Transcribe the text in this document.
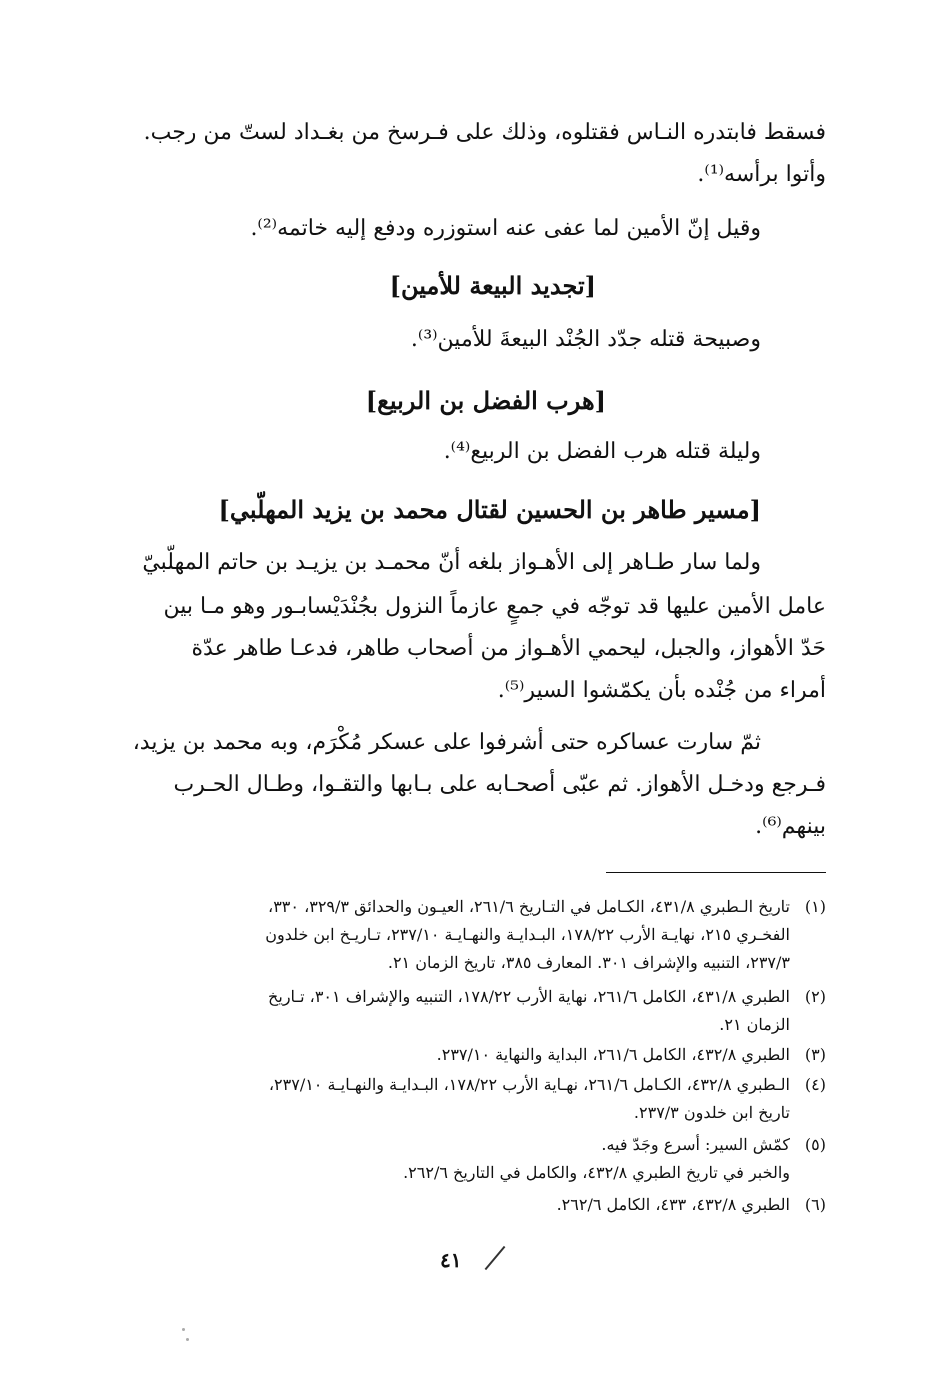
فسقط فابتدره النـاس فقتلوه، وذلك على فـرسخ من بغـداد لستّ من رجب.
وأتوا برأسه⁽¹⁾.
وقيل إنّ الأمين لما عفى عنه استوزره ودفع إليه خاتمه⁽²⁾.
[تجديد البيعة للأمين]
وصبيحة قتله جدّد الجُنْد البيعةَ للأمين⁽³⁾.
[هرب الفضل بن الربيع]
وليلة قتله هرب الفضل بن الربيع⁽⁴⁾.
[مسير طاهر بن الحسين لقتال محمد بن يزيد المهلّبي]
ولما سار طـاهر إلى الأهـواز بلغه أنّ محمـد بن يزيـد بن حاتم المهلّبيّ
عامل الأمين عليها قد توجّه في جمعٍ عازماً النزول بجُنْدَيْسابـور وهو مـا بين
حَدّ الأهواز، والجبل، ليحمي الأهـواز من أصحاب طاهر، فدعـا طاهر عدّة
أمراء من جُنْده بأن يكمّشوا السير⁽⁵⁾.
ثمّ سارت عساكره حتى أشرفوا على عسكر مُكْرَم، وبه محمد بن يزيد،
فـرجع ودخـل الأهواز. ثم عبّى أصحـابه على بـابها والتقـوا، وطـال الحـرب
بينهم⁽⁶⁾.
(١)تاريخ الـطبري ٤٣١/٨، الكـامل في التـاريخ ٢٦١/٦، العيـون والحدائق ٣٢٩/٣، ٣٣٠،
الفخـري ٢١٥، نهايـة الأرب ١٧٨/٢٢، البـدايـة والنهـايـة ٢٣٧/١٠، تـاريـخ ابن خلدون
٢٣٧/٣، التنبيه والإشراف ٣٠١. المعارف ٣٨٥، تاريخ الزمان ٢١.
(٢)الطبري ٤٣١/٨، الكامل ٢٦١/٦، نهاية الأرب ١٧٨/٢٢، التنبيه والإشراف ٣٠١، تـاريخ
الزمان ٢١.
(٣)الطبري ٤٣٢/٨، الكامل ٢٦١/٦، البداية والنهاية ٢٣٧/١٠.
(٤)الـطبري ٤٣٢/٨، الكـامل ٢٦١/٦، نهـاية الأرب ١٧٨/٢٢، البـدايـة والنهـايـة ٢٣٧/١٠،
تاريخ ابن خلدون ٢٣٧/٣.
(٥)كمّش السير: أسرع وجَدّ فيه.
والخبر في تاريخ الطبري ٤٣٢/٨، والكامل في التاريخ ٢٦٢/٦.
(٦)الطبري ٤٣٢/٨، ٤٣٣، الكامل ٢٦٢/٦.
٤١
